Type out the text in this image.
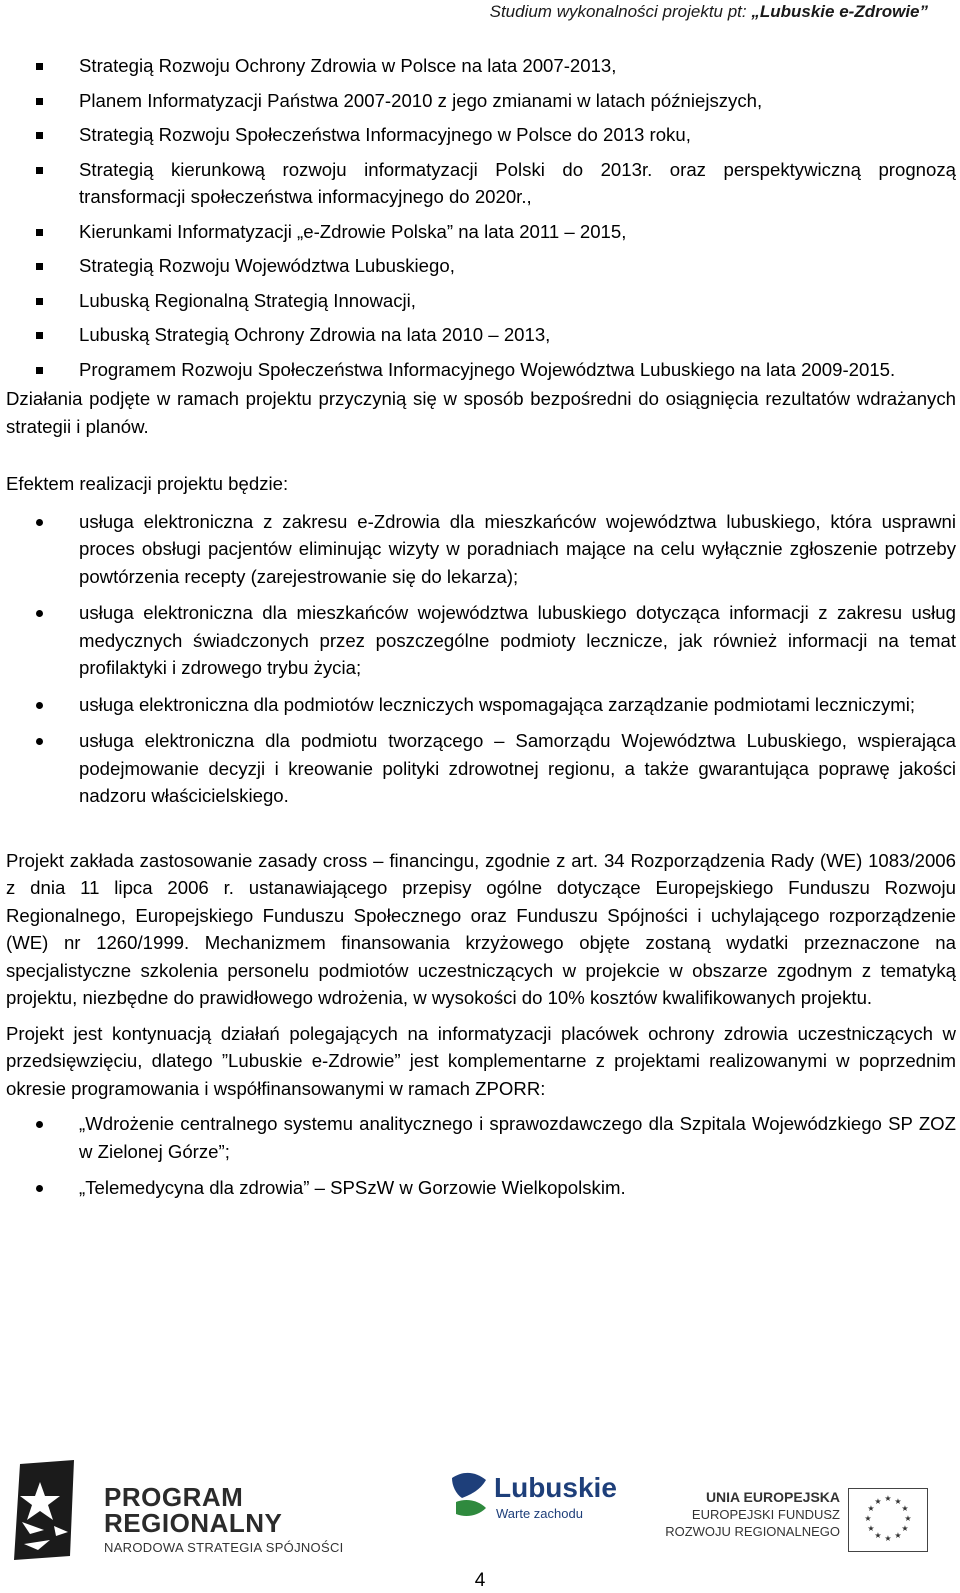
Studium wykonalności projektu pt: „Lubuskie e-Zdrowie”
Strategią Rozwoju Ochrony Zdrowia w Polsce na lata 2007-2013,
Planem Informatyzacji Państwa 2007-2010 z jego zmianami w latach późniejszych,
Strategią Rozwoju Społeczeństwa Informacyjnego w Polsce do 2013 roku,
Strategią kierunkową rozwoju informatyzacji Polski do 2013r. oraz perspektywiczną prognozą transformacji społeczeństwa informacyjnego do 2020r.,
Kierunkami Informatyzacji „e-Zdrowie Polska” na lata 2011 – 2015,
Strategią Rozwoju Województwa Lubuskiego,
Lubuską Regionalną Strategią Innowacji,
Lubuską Strategią Ochrony Zdrowia na lata 2010 – 2013,
Programem Rozwoju Społeczeństwa Informacyjnego Województwa Lubuskiego na lata 2009-2015.

Działania podjęte w ramach projektu przyczynią się w sposób bezpośredni do osiągnięcia rezultatów wdrażanych strategii i planów.

Efektem realizacji projektu będzie:

usługa elektroniczna z zakresu e-Zdrowia dla mieszkańców województwa lubuskiego, która usprawni proces obsługi pacjentów eliminując wizyty w poradniach mające na celu wyłącznie zgłoszenie potrzeby powtórzenia recepty (zarejestrowanie się do lekarza);
usługa elektroniczna dla mieszkańców województwa lubuskiego dotycząca informacji z zakresu usług medycznych świadczonych przez poszczególne podmioty lecznicze, jak również informacji na temat profilaktyki i zdrowego trybu życia;
usługa elektroniczna dla podmiotów leczniczych wspomagająca zarządzanie podmiotami leczniczymi;
usługa elektroniczna dla podmiotu tworzącego – Samorządu Województwa Lubuskiego, wspierająca podejmowanie decyzji i kreowanie polityki zdrowotnej regionu, a także gwarantująca poprawę jakości nadzoru właścicielskiego.

Projekt zakłada zastosowanie zasady cross – financingu, zgodnie z art. 34 Rozporządzenia Rady (WE) 1083/2006 z dnia 11 lipca 2006 r. ustanawiającego przepisy ogólne dotyczące Europejskiego Funduszu Rozwoju Regionalnego, Europejskiego Funduszu Społecznego oraz Funduszu Spójności i uchylającego rozporządzenie (WE) nr 1260/1999. Mechanizmem finansowania krzyżowego objęte zostaną wydatki przeznaczone na specjalistyczne szkolenia personelu podmiotów uczestniczących w projekcie w obszarze zgodnym z tematyką projektu, niezbędne do prawidłowego wdrożenia, w wysokości do 10% kosztów kwalifikowanych projektu.

Projekt jest kontynuacją działań polegających na informatyzacji placówek ochrony zdrowia uczestniczących w przedsięwzięciu, dlatego ”Lubuskie e-Zdrowie” jest komplementarne z projektami realizowanymi w poprzednim okresie programowania i współfinansowanymi w ramach ZPORR:

„Wdrożenie centralnego systemu analitycznego i sprawozdawczego dla Szpitala Wojewódzkiego SP ZOZ w Zielonej Górze”;
„Telemedycyna dla zdrowia” – SPSzW w Gorzowie Wielkopolskim.
PROGRAM
REGIONALNY
NARODOWA STRATEGIA SPÓJNOŚCI
Lubuskie
Warte zachodu
UNIA EUROPEJSKA
EUROPEJSKI FUNDUSZ
ROZWOJU REGIONALNEGO
★ ★
★
★
★
★
★
★
★
★
★
★
4
